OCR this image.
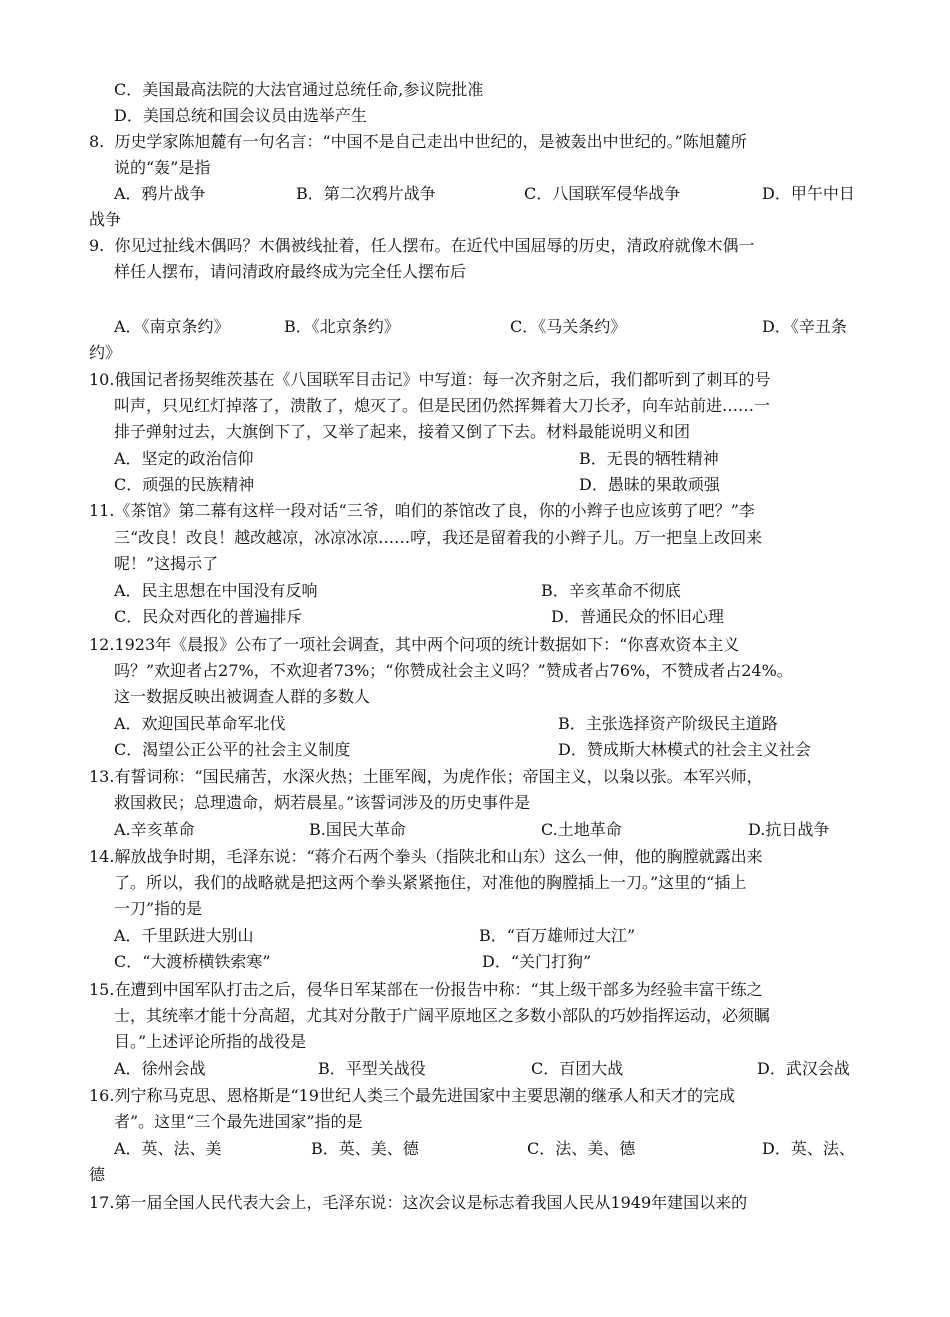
C．美国最高法院的大法官通过总统任命,参议院批准
D．美国总统和国会议员由选举产生
8.  历史学家陈旭麓有一句名言：“中国不是自己走出中世纪的，是被轰出中世纪的。”陈旭麓所
说的“轰”是指
A．鸦片战争	B．第二次鸦片战争	C．八国联军侵华战争	D．甲午中日
战争
9.  你见过扯线木偶吗？木偶被线扯着，任人摆布。在近代中国屈辱的历史，清政府就像木偶一
样任人摆布，请问清政府最终成为完全任人摆布后
A．《南京条约》	B．《北京条约》	C．《马关条约》	D．《辛丑条
约》
10.俄国记者扬契维茨基在《八国联军目击记》中写道：每一次齐射之后，我们都听到了刺耳的号
叫声，只见红灯掉落了，溃散了，熄灭了。但是民团仍然挥舞着大刀长矛，向车站前进……一
排子弹射过去，大旗倒下了，又举了起来，接着又倒了下去。材料最能说明义和团
A．坚定的政治信仰	B．无畏的牺牲精神
C．顽强的民族精神	D．愚昧的果敢顽强
11.《茶馆》第二幕有这样一段对话“三爷，咱们的茶馆改了良，你的小辫子也应该剪了吧？”李
三“改良！改良！越改越凉，冰凉冰凉……哼，我还是留着我的小辫子儿。万一把皇上改回来
呢！”这揭示了
A．民主思想在中国没有反响	B．辛亥革命不彻底
C．民众对西化的普遍排斥	D．普通民众的怀旧心理
12.1923年《晨报》公布了一项社会调查，其中两个问项的统计数据如下：“你喜欢资本主义
吗？”欢迎者占27%，不欢迎者73%；“你赞成社会主义吗？”赞成者占76%，不赞成者占24%。
这一数据反映出被调查人群的多数人
A．欢迎国民革命军北伐	B．主张选择资产阶级民主道路
C．渴望公正公平的社会主义制度	D．赞成斯大林模式的社会主义社会
13.有誓词称：“国民痛苦，水深火热；土匪军阀，为虎作伥；帝国主义，以枭以张。本军兴师，
救国救民；总理遗命，炳若晨星。”该誓词涉及的历史事件是
A.辛亥革命	B.国民大革命	C.土地革命	D.抗日战争
14.解放战争时期，毛泽东说：“蒋介石两个拳头（指陕北和山东）这么一伸，他的胸膛就露出来
了。所以，我们的战略就是把这两个拳头紧紧拖住，对准他的胸膛插上一刀。”这里的“插上
一刀”指的是
A．千里跃进大别山	B．“百万雄师过大江”
C．“大渡桥横铁索寒”	D．“关门打狗”
15.在遭到中国军队打击之后，侵华日军某部在一份报告中称：“其上级干部多为经验丰富干练之
士，其统率才能十分高超，尤其对分散于广阔平原地区之多数小部队的巧妙指挥运动，必须瞩
目。”上述评论所指的战役是
A．徐州会战	B．平型关战役	C．百团大战	D．武汉会战
16.列宁称马克思、恩格斯是“19世纪人类三个最先进国家中主要思潮的继承人和天才的完成
者”。这里“三个最先进国家”指的是
A．英、法、美	B．英、美、德	C．法、美、德	D．英、法、
德
17.第一届全国人民代表大会上，毛泽东说：这次会议是标志着我国人民从1949年建国以来的
